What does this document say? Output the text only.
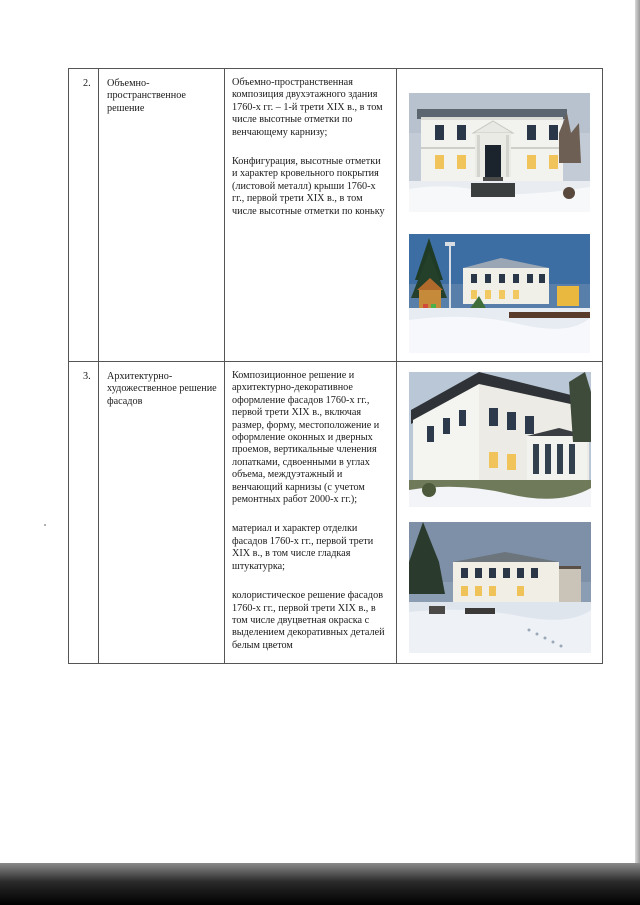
2.	Объемно-пространственное решение	Объемно-пространственная композиция двухэтажного здания 1760-х гг. – 1-й трети XIX в., в том числе высотные отметки по венчающему карнизу;

Конфигурация, высотные отметки и характер кровельного покрытия (листовой металл) крыши 1760-х гг., первой трети XIX в., в том числе высотные отметки по коньку

3.	Архитектурно-художественное решение фасадов	Композиционное решение и архитектурно-декоративное оформление фасадов 1760-х гг., первой трети XIX в., включая размер, форму, местоположение и оформление оконных и дверных проемов, вертикальные членения лопатками, сдвоенными в углах объема, междуэтажный и венчающий карнизы (с учетом ремонтных работ 2000-х гг.);

материал и характер отделки фасадов 1760-х гг., первой трети XIX в., в том числе гладкая штукатурка;

колористическое решение фасадов 1760-х гг., первой трети XIX в., в том числе двуцветная окраска с выделением декоративных деталей белым цветом
